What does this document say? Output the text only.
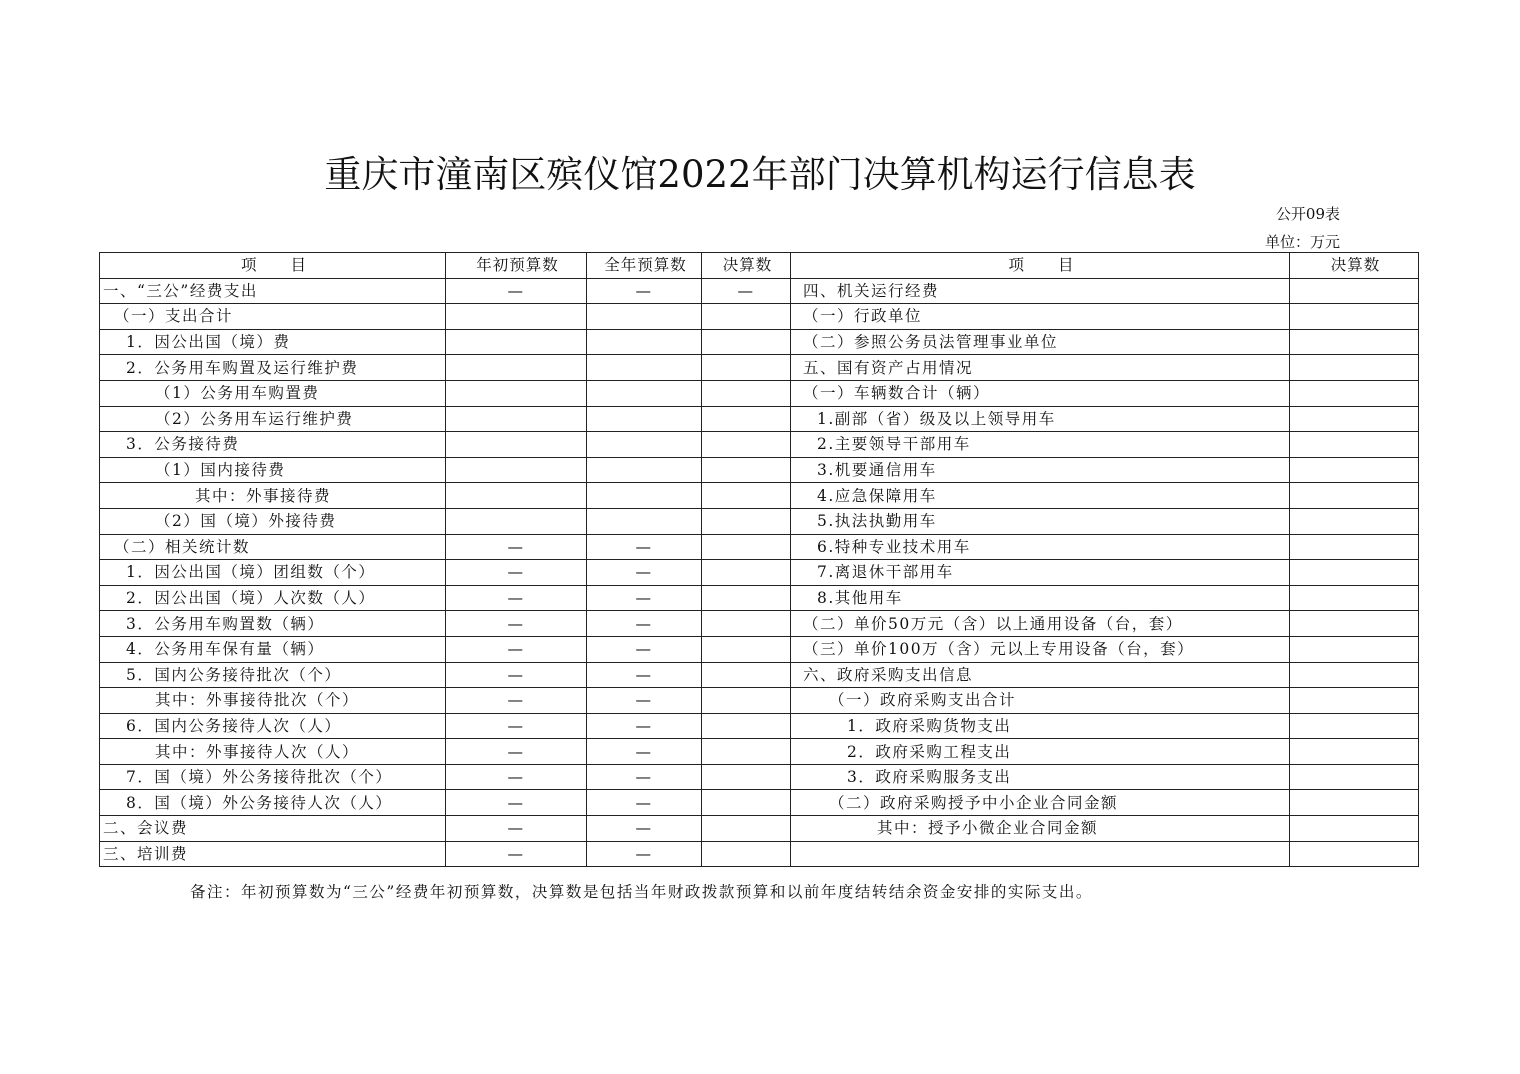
重庆市潼南区殡仪馆2022年部门决算机构运行信息表
公开09表
单位：万元
项　　目	年初预算数	全年预算数	决算数	项　　目	决算数
一、“三公”经费支出	—	—	—	四、机关运行经费	
（一）支出合计				（一）行政单位	
1．因公出国（境）费				（二）参照公务员法管理事业单位	
2．公务用车购置及运行维护费				五、国有资产占用情况	
（1）公务用车购置费				（一）车辆数合计（辆）	
（2）公务用车运行维护费				1.副部（省）级及以上领导用车	
3．公务接待费				2.主要领导干部用车	
（1）国内接待费				3.机要通信用车	
其中：外事接待费				4.应急保障用车	
（2）国（境）外接待费				5.执法执勤用车	
（二）相关统计数	—	—		6.特种专业技术用车	
1．因公出国（境）团组数（个）	—	—		7.离退休干部用车	
2．因公出国（境）人次数（人）	—	—		8.其他用车	
3．公务用车购置数（辆）	—	—		（二）单价50万元（含）以上通用设备（台，套）	
4．公务用车保有量（辆）	—	—		（三）单价100万（含）元以上专用设备（台，套）	
5．国内公务接待批次（个）	—	—		六、政府采购支出信息	
其中：外事接待批次（个）	—	—		（一）政府采购支出合计	
6．国内公务接待人次（人）	—	—		1．政府采购货物支出	
其中：外事接待人次（人）	—	—		2．政府采购工程支出	
7．国（境）外公务接待批次（个）	—	—		3．政府采购服务支出	
8．国（境）外公务接待人次（人）	—	—		（二）政府采购授予中小企业合同金额	
二、会议费	—	—		其中：授予小微企业合同金额	
三、培训费	—	—			
备注：年初预算数为“三公”经费年初预算数，决算数是包括当年财政拨款预算和以前年度结转结余资金安排的实际支出。
